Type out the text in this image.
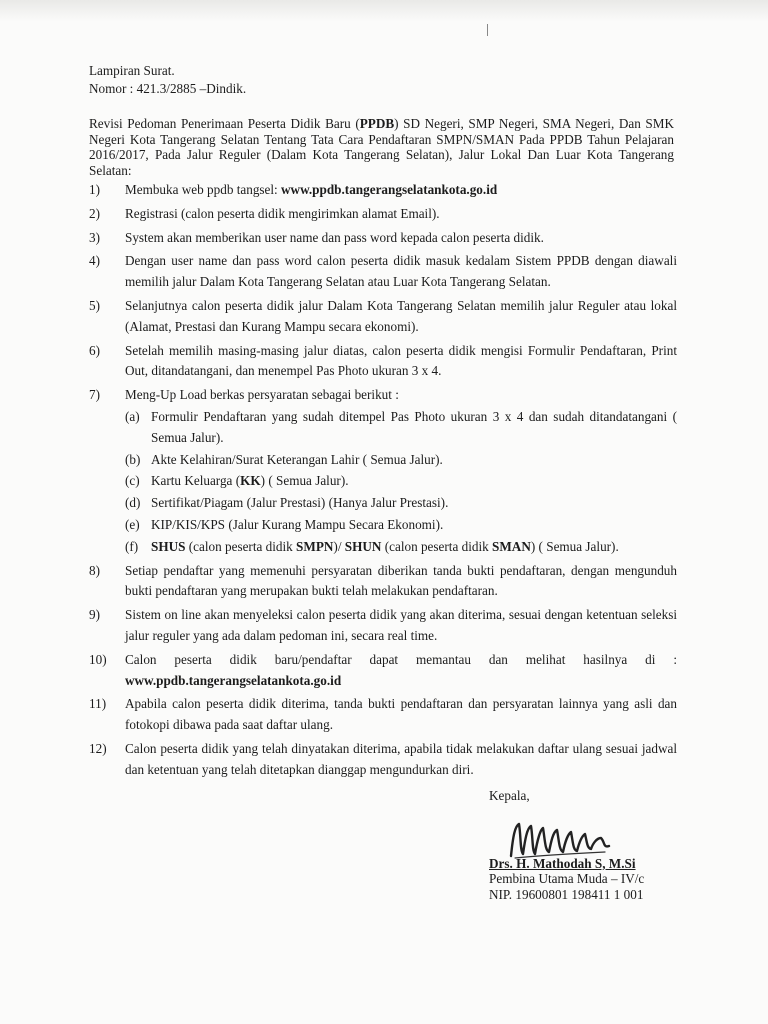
Lampiran Surat.
Nomor : 421.3/2885 –Dindik.
Revisi Pedoman Penerimaan Peserta Didik Baru (PPDB) SD Negeri, SMP Negeri, SMA Negeri, Dan SMK Negeri Kota Tangerang Selatan Tentang Tata Cara Pendaftaran SMPN/SMAN Pada PPDB Tahun Pelajaran 2016/2017, Pada Jalur Reguler (Dalam Kota Tangerang Selatan), Jalur Lokal Dan Luar Kota Tangerang Selatan:
1)	Membuka web ppdb tangsel: www.ppdb.tangerangselatankota.go.id
2)	Registrasi (calon peserta didik mengirimkan alamat Email).
3)	System akan memberikan user name dan pass word kepada calon peserta didik.
4)	Dengan user name dan pass word calon peserta didik masuk kedalam Sistem PPDB dengan diawali memilih jalur Dalam Kota Tangerang Selatan atau Luar Kota Tangerang Selatan.
5)	Selanjutnya calon peserta didik jalur Dalam Kota Tangerang Selatan memilih jalur Reguler atau lokal (Alamat, Prestasi dan Kurang Mampu secara ekonomi).
6)	Setelah memilih masing-masing jalur diatas, calon peserta didik mengisi Formulir Pendaftaran, Print Out, ditandatangani, dan menempel Pas Photo ukuran 3 x 4.
7)	Meng-Up Load berkas persyaratan sebagai berikut :
(a) Formulir Pendaftaran yang sudah ditempel Pas Photo ukuran 3 x 4 dan sudah ditandatangani ( Semua Jalur).
(b) Akte Kelahiran/Surat Keterangan Lahir ( Semua Jalur).
(c) Kartu Keluarga (KK) ( Semua Jalur).
(d) Sertifikat/Piagam (Jalur Prestasi) (Hanya Jalur Prestasi).
(e) KIP/KIS/KPS (Jalur Kurang Mampu Secara Ekonomi).
(f) SHUS (calon peserta didik SMPN)/ SHUN (calon peserta didik SMAN) ( Semua Jalur).
8)	Setiap pendaftar yang memenuhi persyaratan diberikan tanda bukti pendaftaran, dengan mengunduh bukti pendaftaran yang merupakan bukti telah melakukan pendaftaran.
9)	Sistem on line akan menyeleksi calon peserta didik yang akan diterima, sesuai dengan ketentuan seleksi jalur reguler yang ada dalam pedoman ini, secara real time.
10)	Calon peserta didik baru/pendaftar dapat memantau dan melihat hasilnya di :
www.ppdb.tangerangselatankota.go.id
11)	Apabila calon peserta didik diterima, tanda bukti pendaftaran dan persyaratan lainnya yang asli dan fotokopi dibawa pada saat daftar ulang.
12)	Calon peserta didik yang telah dinyatakan diterima, apabila tidak melakukan daftar ulang sesuai jadwal dan ketentuan yang telah ditetapkan dianggap mengundurkan diri.
Kepala,
Drs. H. Mathodah S, M.Si
Pembina Utama Muda – IV/c
NIP. 19600801 198411 1 001
